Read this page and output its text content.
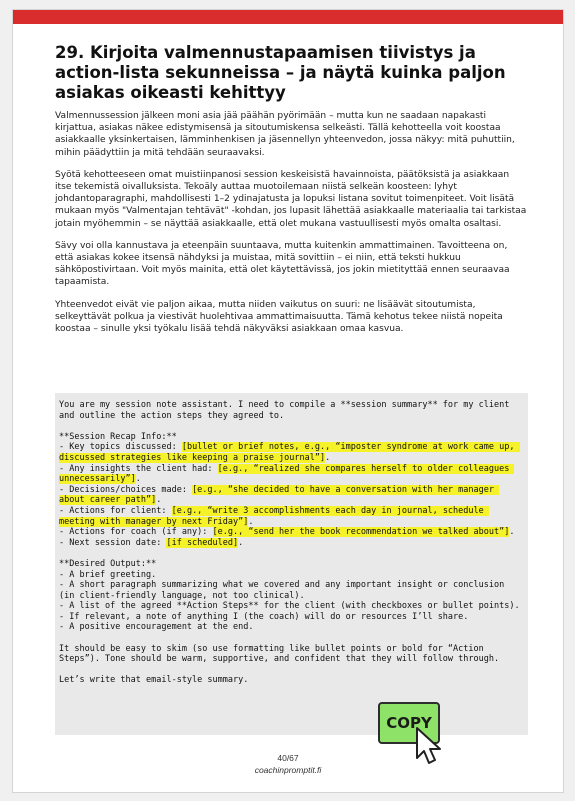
29. Kirjoita valmennustapaamisen tiivistys ja action-lista sekunneissa – ja näytä kuinka paljon asiakas oikeasti kehittyy

Valmennussession jälkeen moni asia jää päähän pyörimään – mutta kun ne saadaan napakasti kirjattua, asiakas näkee edistymisensä ja sitoutumiskensa selkeästi. Tällä kehotteella voit koostaa asiakkaalle yksinkertaisen, lämminhenkisen ja jäsennellyn yhteenvedon, jossa näkyy: mitä puhuttiin, mihin päädyttiin ja mitä tehdään seuraavaksi.

Syötä kehotteeseen omat muistiinpanosi session keskeisistä havainnoista, päätöksistä ja asiakkaan itse tekemistä oivalluksista. Tekoäly auttaa muotoilemaan niistä selkeän koosteen: lyhyt johdantoparagraphi, mahdollisesti 1–2 ydinajatusta ja lopuksi listana sovitut toimenpiteet. Voit lisätä mukaan myös "Valmentajan tehtävät" -kohdan, jos lupasit lähettää asiakkaalle materiaalia tai tarkistaa jotain myöhemmin – se näyttää asiakkaalle, että olet mukana vastuullisesti myös omalta osaltasi.

Sävy voi olla kannustava ja eteenpäin suuntaava, mutta kuitenkin ammattimainen. Tavoitteena on, että asiakas kokee itsensä nähdyksi ja muistaa, mitä sovittiin – ei niin, että teksti hukkuu sähköpostivirtaan. Voit myös mainita, että olet käytettävissä, jos jokin mietityttää ennen seuraavaa tapaamista.

Yhteenvedot eivät vie paljon aikaa, mutta niiden vaikutus on suuri: ne lisäävät sitoutumista, selkeyttävät polkua ja viestivät huolehtivaa ammattimaisuutta. Tämä kehotus tekee niistä nopeita koostaa – sinulle yksi työkalu lisää tehdä näkyväksi asiakkaan omaa kasvua.

You are my session note assistant. I need to compile a **session summary** for my client and outline the action steps they agreed to.

**Session Recap Info:**
- Key topics discussed: [bullet or brief notes, e.g., “imposter syndrome at work came up, discussed strategies like keeping a praise journal”].
- Any insights the client had: [e.g., “realized she compares herself to older colleagues unnecessarily”].
- Decisions/choices made: [e.g., “she decided to have a conversation with her manager about career path”].
- Actions for client: [e.g., “write 3 accomplishments each day in journal, schedule meeting with manager by next Friday”].
- Actions for coach (if any): [e.g., “send her the book recommendation we talked about”].
- Next session date: [if scheduled].

**Desired Output:**
- A brief greeting.
- A short paragraph summarizing what we covered and any important insight or conclusion (in client-friendly language, not too clinical).
- A list of the agreed **Action Steps** for the client (with checkboxes or bullet points).
- If relevant, a note of anything I (the coach) will do or resources I’ll share.
- A positive encouragement at the end.

It should be easy to skim (so use formatting like bullet points or bold for “Action Steps”). Tone should be warm, supportive, and confident that they will follow through.

Let’s write that email-style summary.
COPY
40/67
coachinpromptit.fi
